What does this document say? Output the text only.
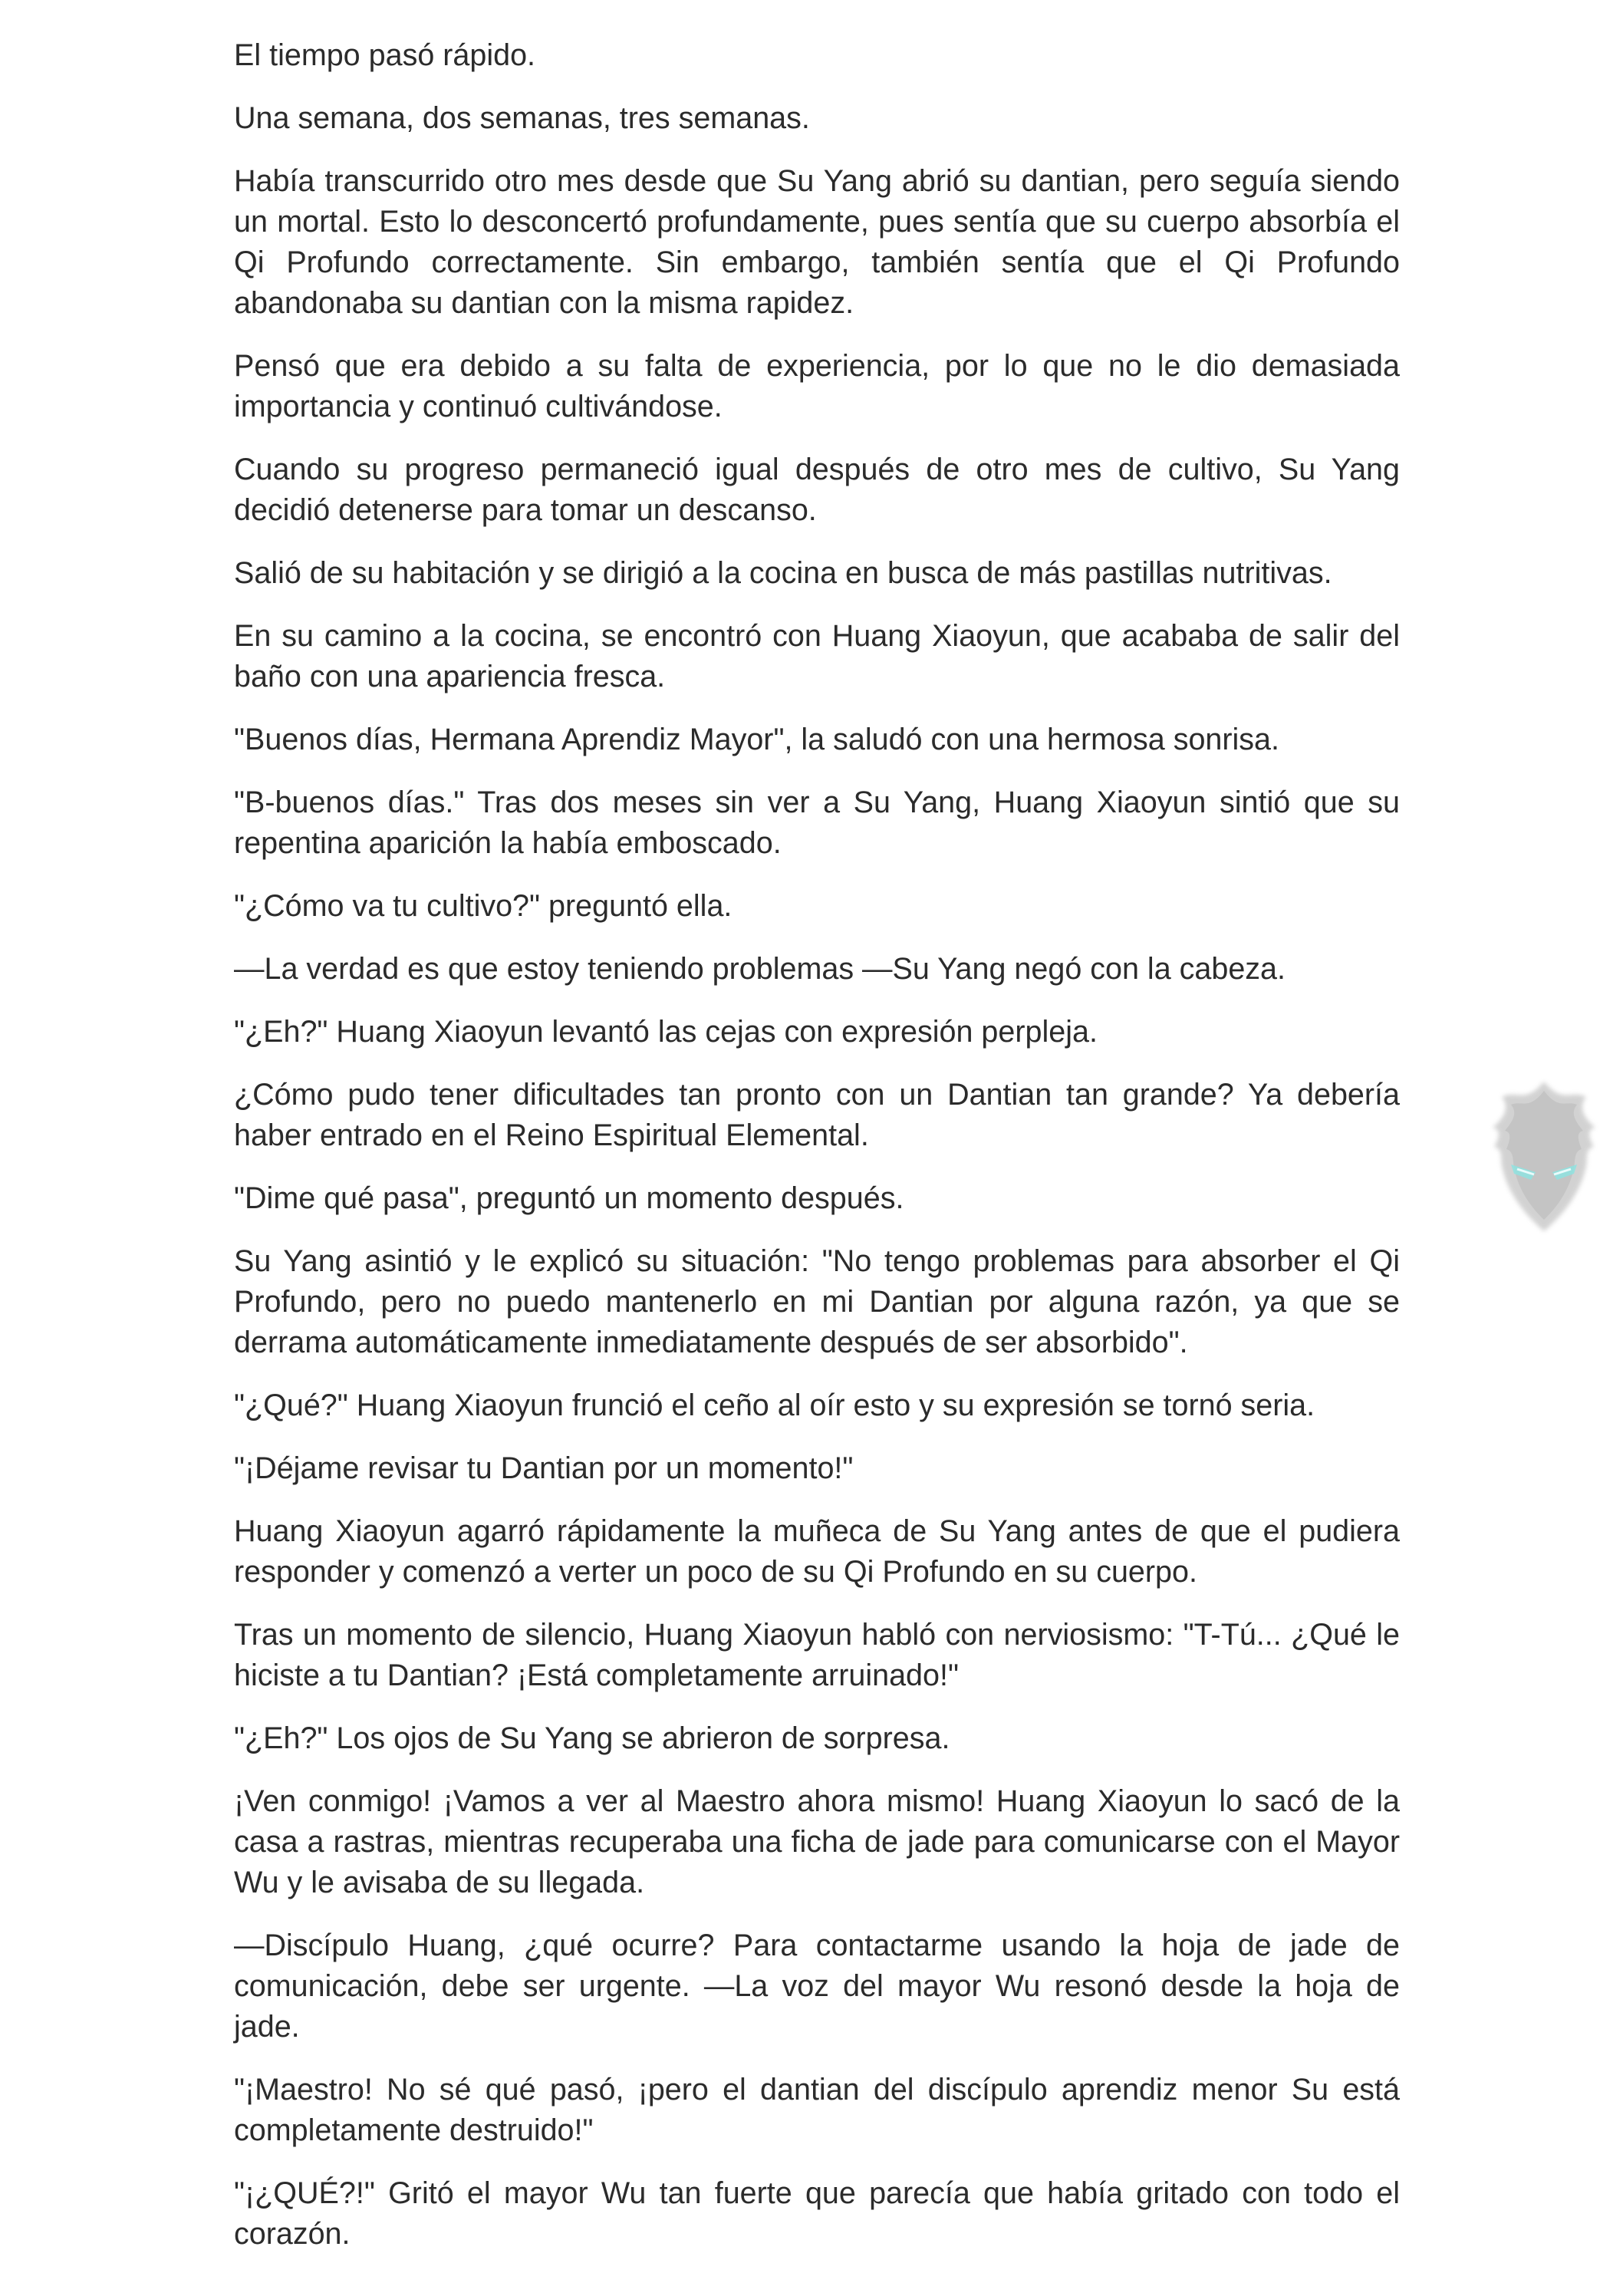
El tiempo pasó rápido.

Una semana, dos semanas, tres semanas.

Había transcurrido otro mes desde que Su Yang abrió su dantian, pero seguía siendo un mortal. Esto lo desconcertó profundamente, pues sentía que su cuerpo absorbía el Qi Profundo correctamente. Sin embargo, también sentía que el Qi Profundo abandonaba su dantian con la misma rapidez.

Pensó que era debido a su falta de experiencia, por lo que no le dio demasiada importancia y continuó cultivándose.

Cuando su progreso permaneció igual después de otro mes de cultivo, Su Yang decidió detenerse para tomar un descanso.

Salió de su habitación y se dirigió a la cocina en busca de más pastillas nutritivas.

En su camino a la cocina, se encontró con Huang Xiaoyun, que acababa de salir del baño con una apariencia fresca.

"Buenos días, Hermana Aprendiz Mayor", la saludó con una hermosa sonrisa.

"B-buenos días." Tras dos meses sin ver a Su Yang, Huang Xiaoyun sintió que su repentina aparición la había emboscado.

"¿Cómo va tu cultivo?" preguntó ella.

—La verdad es que estoy teniendo problemas —Su Yang negó con la cabeza.

"¿Eh?" Huang Xiaoyun levantó las cejas con expresión perpleja.

¿Cómo pudo tener dificultades tan pronto con un Dantian tan grande? Ya debería haber entrado en el Reino Espiritual Elemental.

"Dime qué pasa", preguntó un momento después.

Su Yang asintió y le explicó su situación: "No tengo problemas para absorber el Qi Profundo, pero no puedo mantenerlo en mi Dantian por alguna razón, ya que se derrama automáticamente inmediatamente después de ser absorbido".

"¿Qué?" Huang Xiaoyun frunció el ceño al oír esto y su expresión se tornó seria.

"¡Déjame revisar tu Dantian por un momento!"

Huang Xiaoyun agarró rápidamente la muñeca de Su Yang antes de que el pudiera responder y comenzó a verter un poco de su Qi Profundo en su cuerpo.

Tras un momento de silencio, Huang Xiaoyun habló con nerviosismo: "T-Tú... ¿Qué le hiciste a tu Dantian? ¡Está completamente arruinado!"

"¿Eh?" Los ojos de Su Yang se abrieron de sorpresa.

¡Ven conmigo! ¡Vamos a ver al Maestro ahora mismo! Huang Xiaoyun lo sacó de la casa a rastras, mientras recuperaba una ficha de jade para comunicarse con el Mayor Wu y le avisaba de su llegada.

—Discípulo Huang, ¿qué ocurre? Para contactarme usando la hoja de jade de comunicación, debe ser urgente. —La voz del mayor Wu resonó desde la hoja de jade.

"¡Maestro! No sé qué pasó, ¡pero el dantian del discípulo aprendiz menor Su está completamente destruido!"

"¡¿QUÉ?!" Gritó el mayor Wu tan fuerte que parecía que había gritado con todo el corazón.
